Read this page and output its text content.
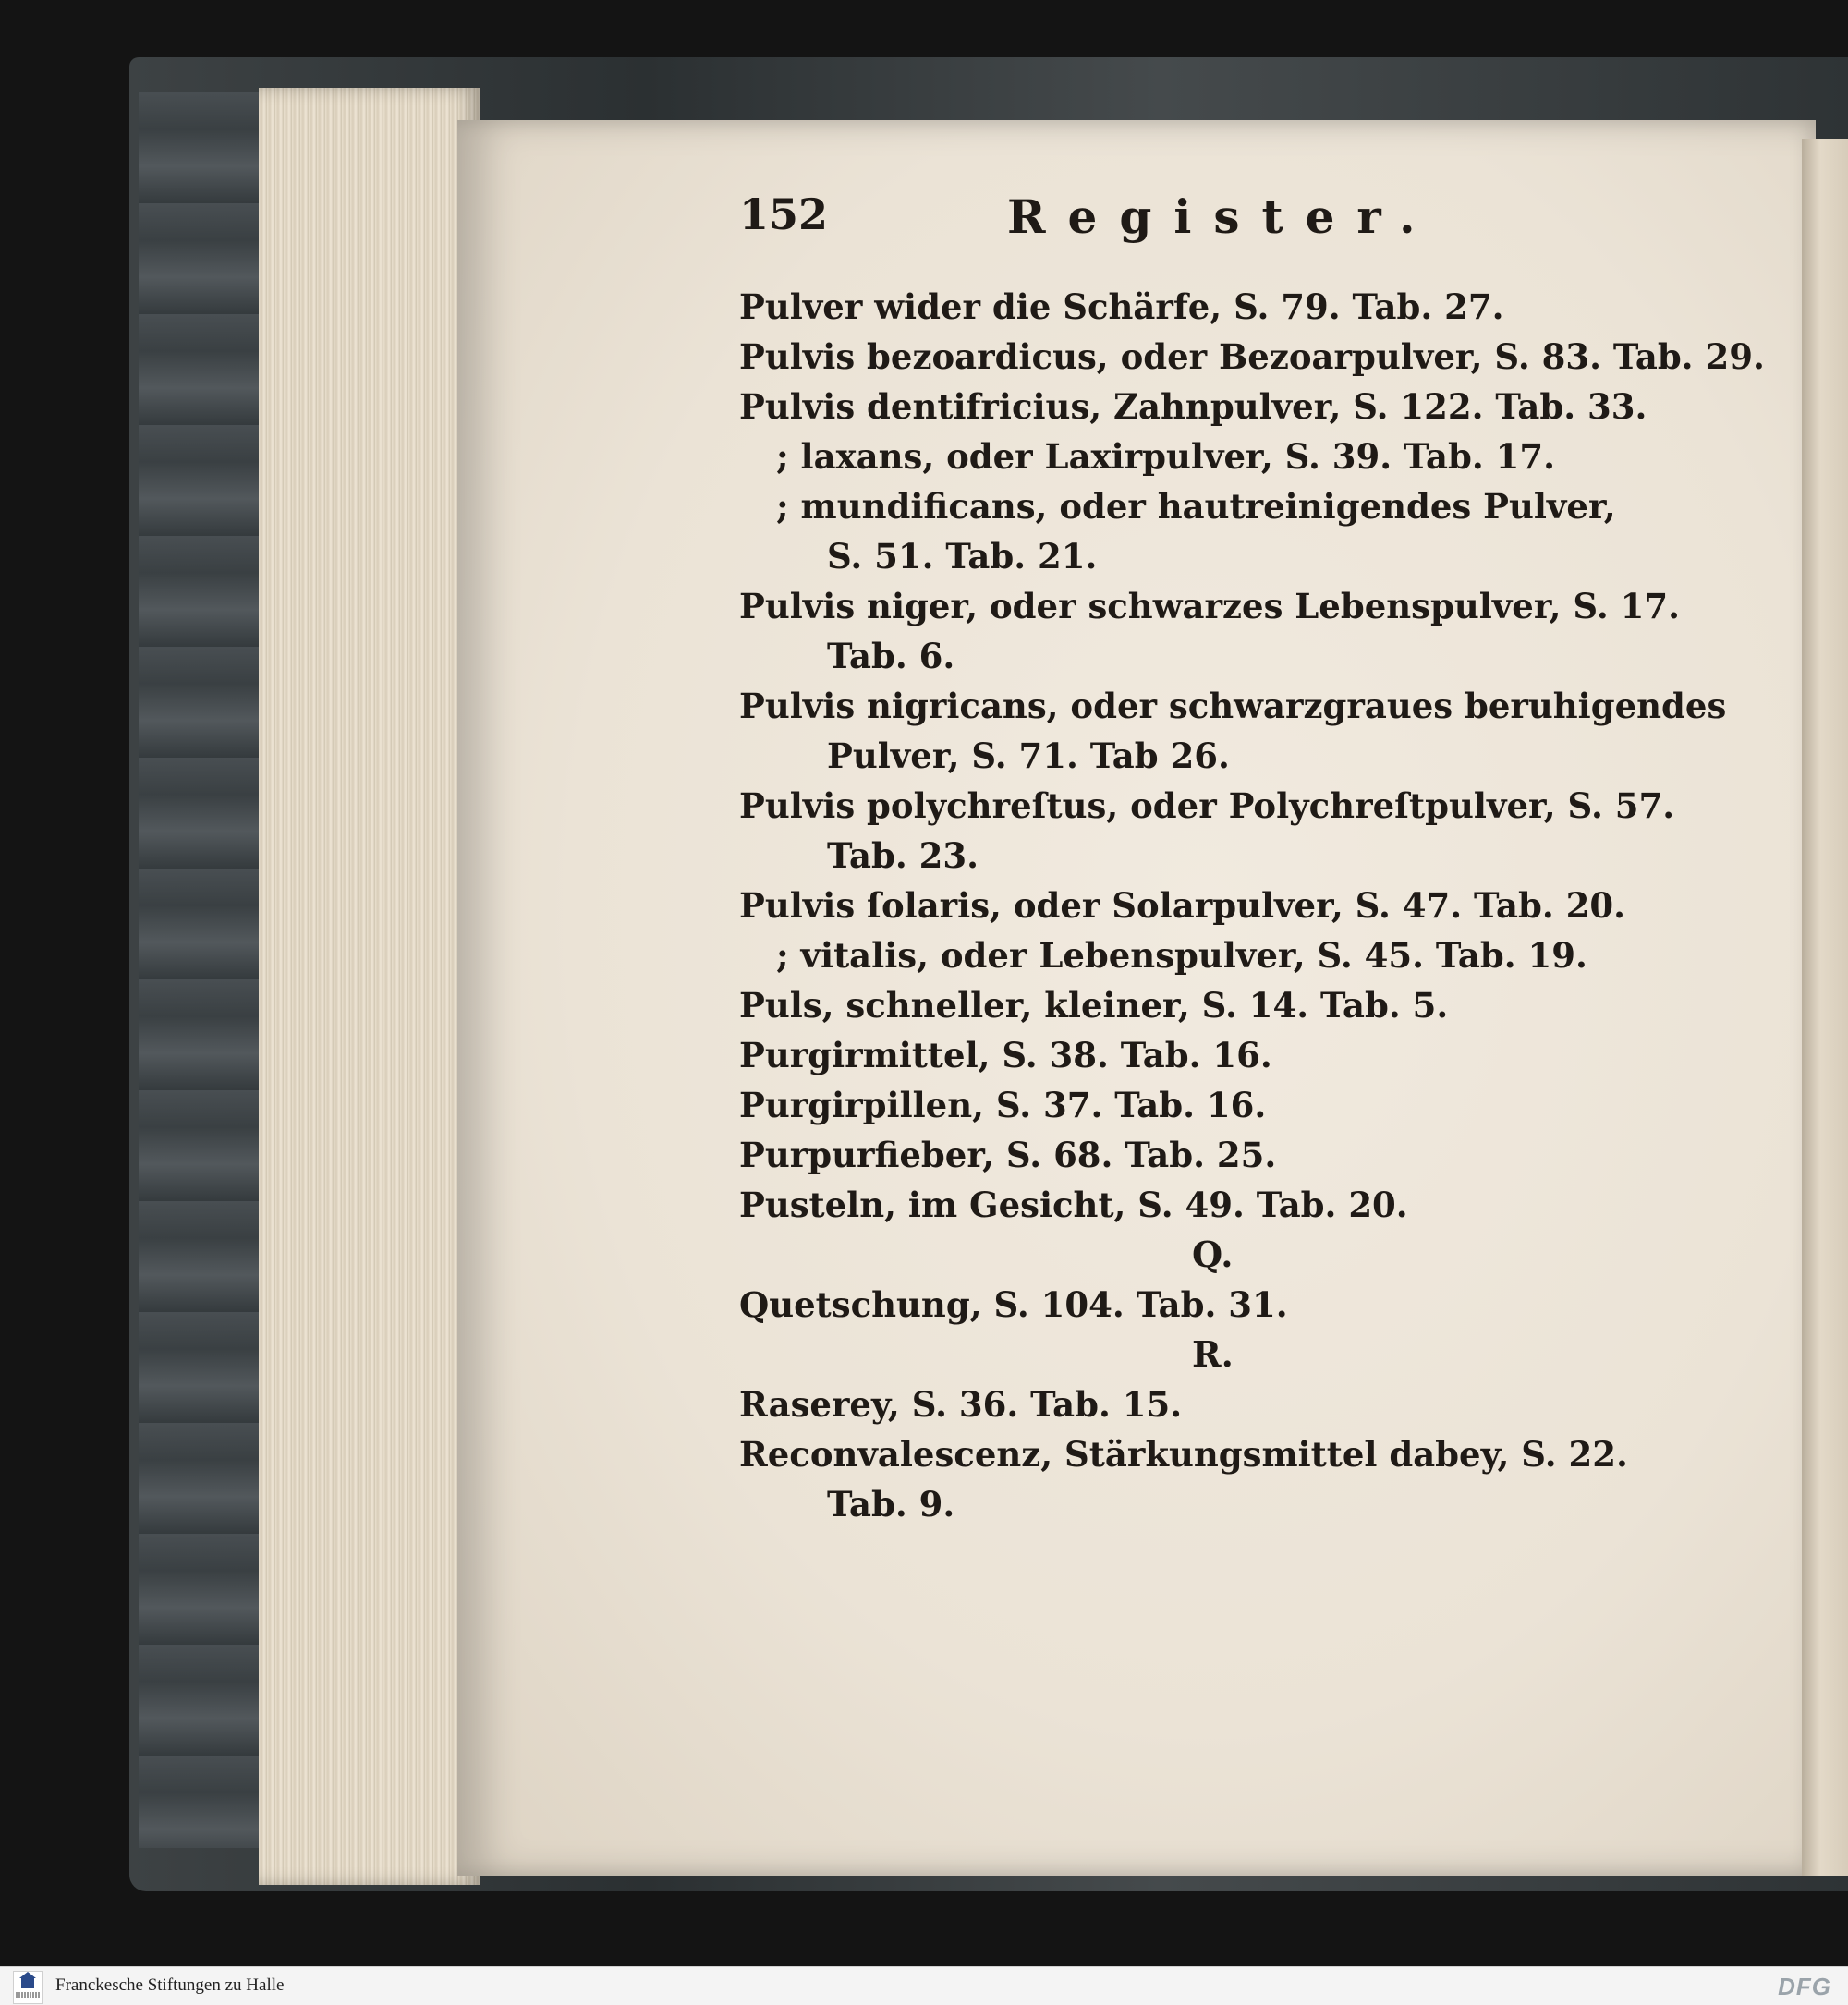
152	Register.
Pulver wider die Schärfe, S. 79. Tab. 27.
Pulvis bezoardicus, oder Bezoarpulver, S. 83. Tab. 29.
Pulvis dentifricius, Zahnpulver, S. 122. Tab. 33.
; laxans, oder Laxirpulver, S. 39. Tab. 17.
; mundificans, oder hautreinigendes Pulver,
S. 51. Tab. 21.
Pulvis niger, oder schwarzes Lebenspulver, S. 17.
Tab. 6.
Pulvis nigricans, oder schwarzgraues beruhigendes
Pulver, S. 71. Tab 26.
Pulvis polychreſtus, oder Polychreſtpulver, S. 57.
Tab. 23.
Pulvis ſolaris, oder Solarpulver, S. 47. Tab. 20.
; vitalis, oder Lebenspulver, S. 45. Tab. 19.
Puls, schneller, kleiner, S. 14. Tab. 5.
Purgirmittel, S. 38. Tab. 16.
Purgirpillen, S. 37. Tab. 16.
Purpurfieber, S. 68. Tab. 25.
Pusteln, im Gesicht, S. 49. Tab. 20.
Q.
Quetschung, S. 104. Tab. 31.
R.
Raserey, S. 36. Tab. 15.
Reconvalescenz, Stärkungsmittel dabey, S. 22.
Tab. 9.
Franckesche Stiftungen zu Halle	DFG
